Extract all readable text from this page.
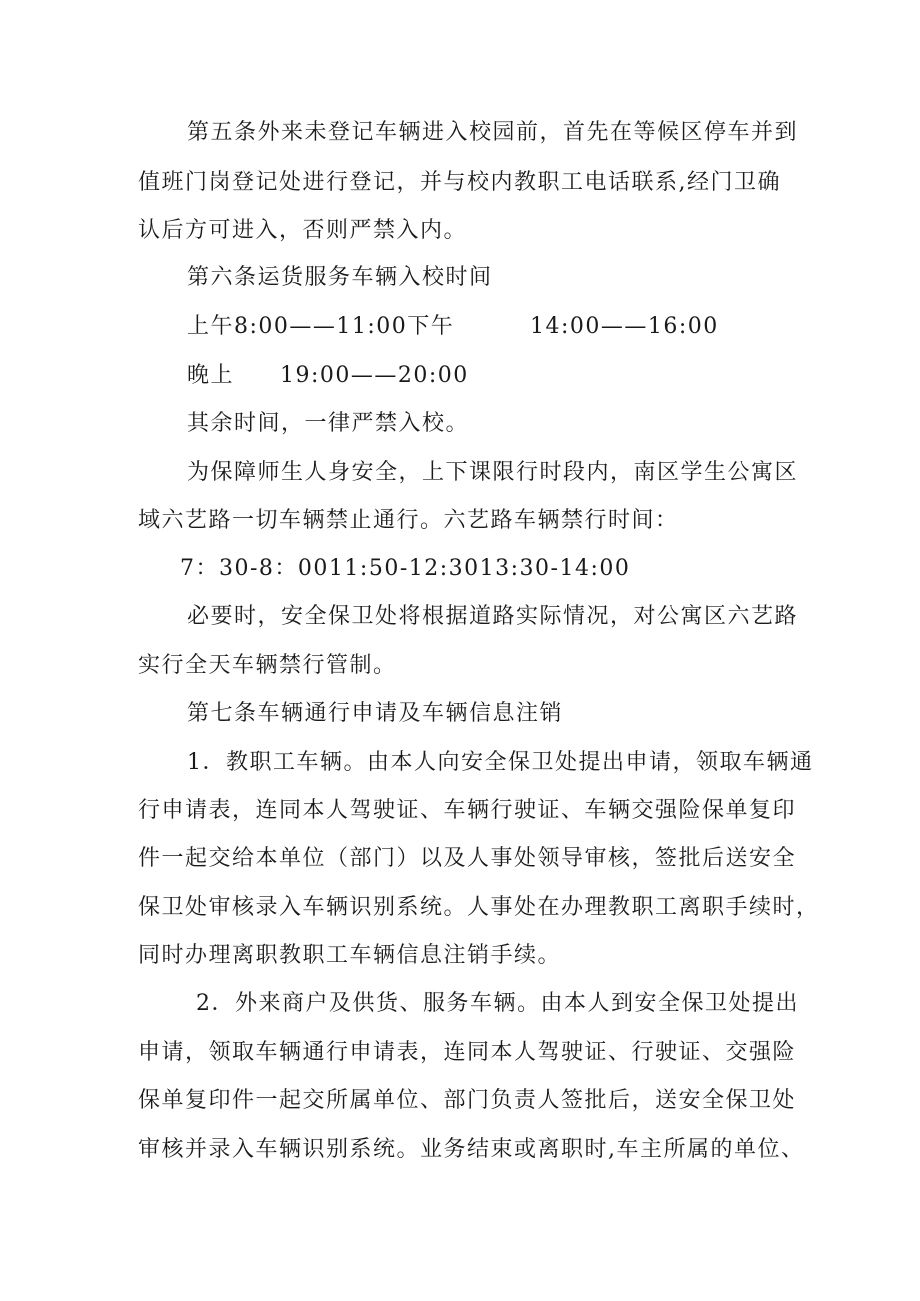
第五条外来未登记车辆进入校园前，首先在等候区停车并到
值班门岗登记处进行登记，并与校内教职工电话联系,经门卫确
认后方可进入，否则严禁入内。
第六条运货服务车辆入校时间
上午8:00——11:00下午	14:00——16:00
晚上 19:00——20:00
其余时间，一律严禁入校。
为保障师生人身安全，上下课限行时段内，南区学生公寓区
域六艺路一切车辆禁止通行。六艺路车辆禁行时间：
7：30-8：0011:50-12:3013:30-14:00
必要时，安全保卫处将根据道路实际情况，对公寓区六艺路
实行全天车辆禁行管制。
第七条车辆通行申请及车辆信息注销
1．教职工车辆。由本人向安全保卫处提出申请，领取车辆通
行申请表，连同本人驾驶证、车辆行驶证、车辆交强险保单复印
件一起交给本单位（部门）以及人事处领导审核，签批后送安全
保卫处审核录入车辆识别系统。人事处在办理教职工离职手续时，
同时办理离职教职工车辆信息注销手续。
2．外来商户及供货、服务车辆。由本人到安全保卫处提出
申请，领取车辆通行申请表，连同本人驾驶证、行驶证、交强险
保单复印件一起交所属单位、部门负责人签批后，送安全保卫处
审核并录入车辆识别系统。业务结束或离职时,车主所属的单位、
